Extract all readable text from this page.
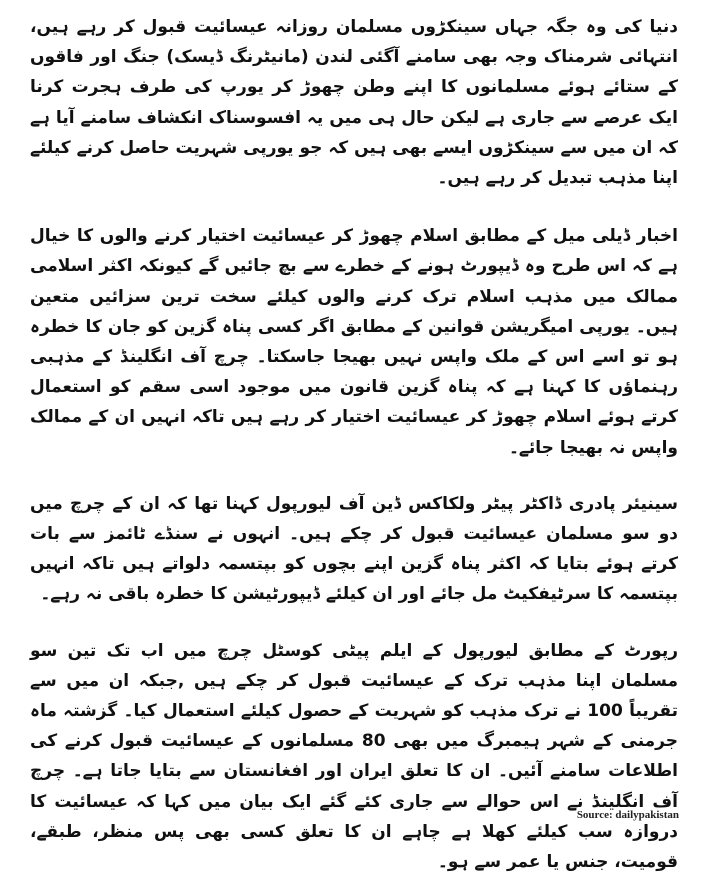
دنیا کی وہ جگہ جہاں سینکڑوں مسلمان روزانہ عیسائیت قبول کر رہے ہیں، انتہائی شرمناک وجہ بھی سامنے آگئی لندن (مانیٹرنگ ڈیسک) جنگ اور فاقوں کے ستائے ہوئے مسلمانوں کا اپنے وطن چھوڑ کر یورپ کی طرف ہجرت کرنا ایک عرصے سے جاری ہے لیکن حال ہی میں یہ افسوسناک انکشاف سامنے آیا ہے کہ ان میں سے سینکڑوں ایسے بھی ہیں کہ جو یورپی شہریت حاصل کرنے کیلئے اپنا مذہب تبدیل کر رہے ہیں۔

اخبار ڈیلی میل کے مطابق اسلام چھوڑ کر عیسائیت اختیار کرنے والوں کا خیال ہے کہ اس طرح وہ ڈیپورٹ ہونے کے خطرے سے بچ جائیں گے کیونکہ اکثر اسلامی ممالک میں مذہب اسلام ترک کرنے والوں کیلئے سخت ترین سزائیں متعین ہیں۔ یورپی امیگریشن قوانین کے مطابق اگر کسی پناہ گزین کو جان کا خطرہ ہو تو اسے اس کے ملک واپس نہیں بھیجا جاسکتا۔ چرچ آف انگلینڈ کے مذہبی رہنماؤں کا کہنا ہے کہ پناہ گزین قانون میں موجود اسی سقم کو استعمال کرتے ہوئے اسلام چھوڑ کر عیسائیت اختیار کر رہے ہیں تاکہ انہیں ان کے ممالک واپس نہ بھیجا جائے۔

سینیئر پادری ڈاکٹر پیٹر ولکاکس ڈین آف لیورپول کہنا تھا کہ ان کے چرچ میں دو سو مسلمان عیسائیت قبول کر چکے ہیں۔ انہوں نے سنڈے ٹائمز سے بات کرتے ہوئے بتایا کہ اکثر پناہ گزین اپنے بچوں کو بپتسمہ دلواتے ہیں تاکہ انہیں بپتسمہ کا سرٹیفکیٹ مل جائے اور ان کیلئے ڈیپورٹیشن کا خطرہ باقی نہ رہے۔

رپورٹ کے مطابق لیورپول کے ایلم پیٹی کوسٹل چرچ میں اب تک تین سو مسلمان اپنا مذہب ترک کے عیسائیت قبول کر چکے ہیں ,جبکہ ان میں سے تقریباً 100 نے ترک مذہب کو شہریت کے حصول کیلئے استعمال کیا۔ گزشتہ ماہ جرمنی کے شہر ہیمبرگ میں بھی 80 مسلمانوں کے عیسائیت قبول کرنے کی اطلاعات سامنے آئیں۔ ان کا تعلق ایران اور افغانستان سے بتایا جاتا ہے۔ چرچ آف انگلینڈ نے اس حوالے سے جاری کئے گئے ایک بیان میں کہا کہ عیسائیت کا دروازہ سب کیلئے کھلا ہے چاہے ان کا تعلق کسی بھی پس منظر، طبقے، قومیت، جنس یا عمر سے ہو۔

Source: dailypakistan
